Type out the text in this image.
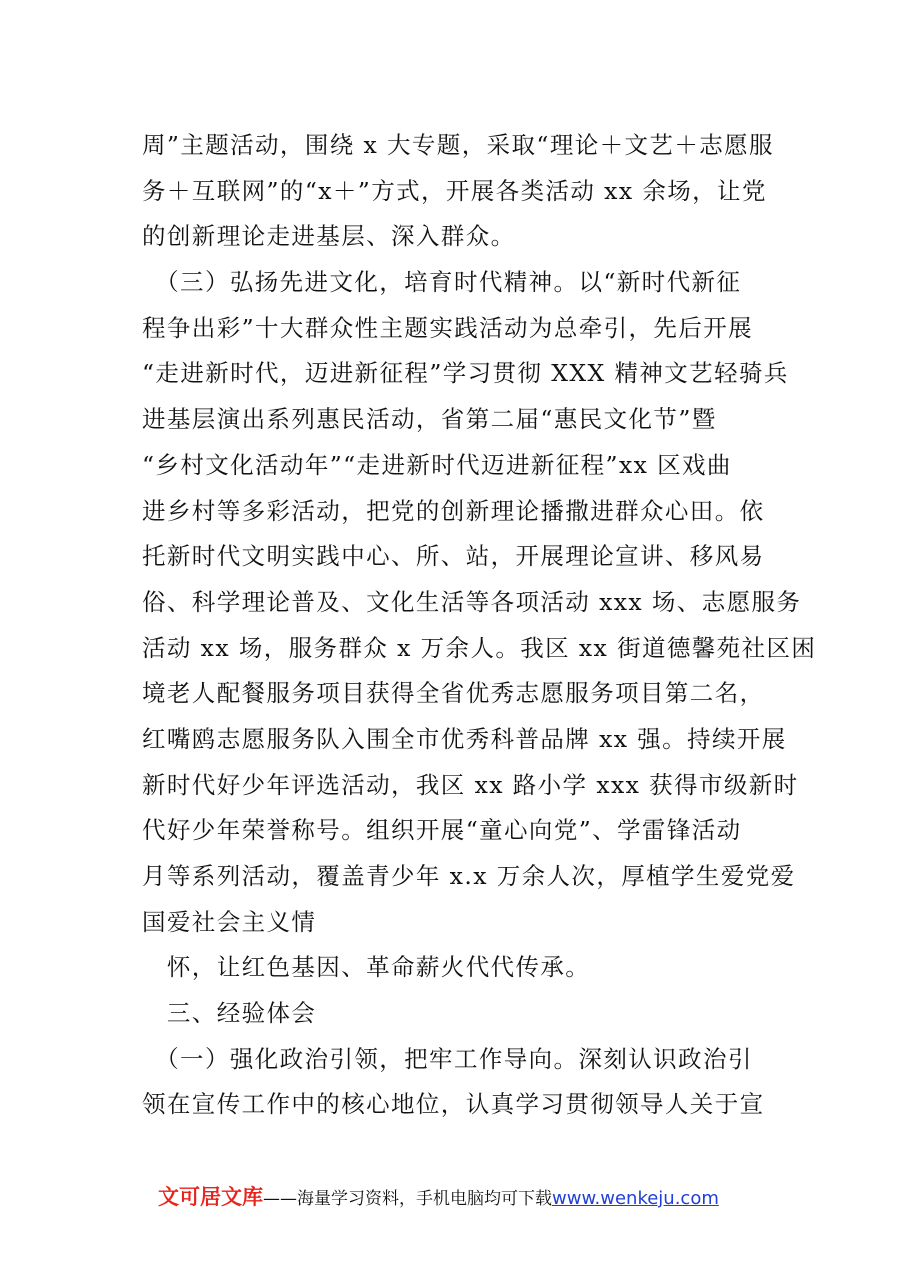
周”主题活动，围绕 x 大专题，采取“理论＋文艺＋志愿服
务＋互联网”的“x＋”方式，开展各类活动 xx 余场，让党
的创新理论走进基层、深入群众。
　（三）弘扬先进文化，培育时代精神。以“新时代新征
程争出彩”十大群众性主题实践活动为总牵引，先后开展
“走进新时代，迈进新征程”学习贯彻 XXX 精神文艺轻骑兵
进基层演出系列惠民活动，省第二届“惠民文化节”暨
“乡村文化活动年”“走进新时代迈进新征程”xx 区戏曲
进乡村等多彩活动，把党的创新理论播撒进群众心田。依
托新时代文明实践中心、所、站，开展理论宣讲、移风易
俗、科学理论普及、文化生活等各项活动 xxx 场、志愿服务
活动 xx 场，服务群众 x 万余人。我区 xx 街道德馨苑社区困
境老人配餐服务项目获得全省优秀志愿服务项目第二名，
红嘴鸥志愿服务队入围全市优秀科普品牌 xx 强。持续开展
新时代好少年评选活动，我区 xx 路小学 xxx 获得市级新时
代好少年荣誉称号。组织开展“童心向党”、学雷锋活动
月等系列活动，覆盖青少年 x.x 万余人次，厚植学生爱党爱
国爱社会主义情
　怀，让红色基因、革命薪火代代传承。
　三、经验体会
　（一）强化政治引领，把牢工作导向。深刻认识政治引
领在宣传工作中的核心地位，认真学习贯彻领导人关于宣
文可居文库——海量学习资料，手机电脑均可下载www.wenkeju.com
